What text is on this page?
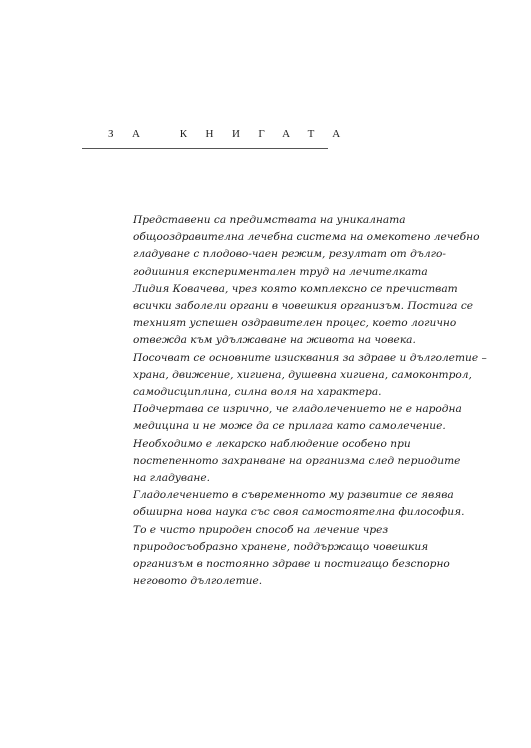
ЗА КНИГАТА

Представени са предимствата на уникалната
общооздравителна лечебна система на омекотено лечебно
гладуване с плодово-чаен режим, резултат от дълго-
годишния експериментален труд на лечителката
Лидия Ковачева, чрез която комплексно се пречистват
всички заболели органи в човешкия организъм. Постига се
техният успешен оздравителен процес, което логично
отвежда към удължаване на живота на човека.

Посочват се основните изисквания за здраве и дълголетие –
храна, движение, хигиена, душевна хигиена, самоконтрол,
самодисциплина, силна воля на характера.

Подчертава се изрично, че гладолечението не е народна
медицина и не може да се прилага като самолечение.
Необходимо е лекарско наблюдение особено при
постепенното захранване на организма след периодите
на гладуване.

Гладолечението в съвременното му развитие се явява
обширна нова наука със своя самостоятелна философия.
То е чисто природен способ на лечение чрез
природосъобразно хранене, поддържащо човешкия
организъм в постоянно здраве и постигащо безспорно
неговото дълголетие.
